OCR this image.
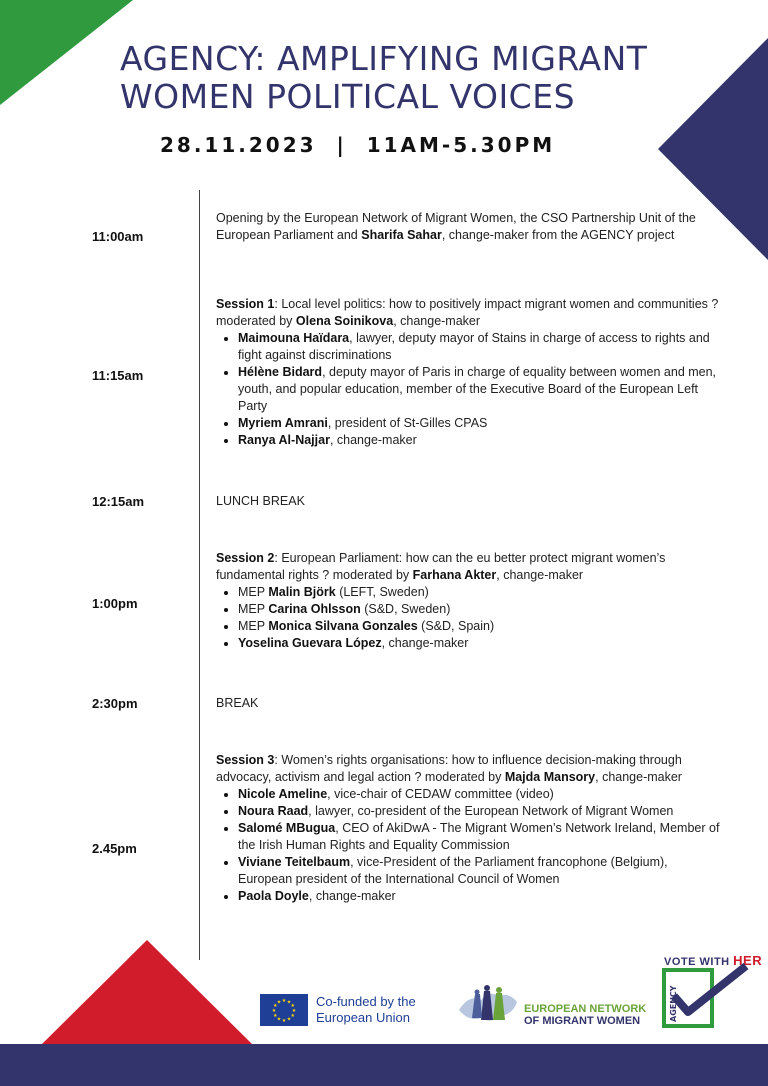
AGENCY: AMPLIFYING MIGRANT WOMEN POLITICAL VOICES
28.11.2023 | 11AM-5.30PM
11:00am
Opening by the European Network of Migrant Women, the CSO Partnership Unit of the European Parliament and Sharifa Sahar, change-maker from the AGENCY project
11:15am
Session 1: Local level politics: how to positively impact migrant women and communities ? moderated by Olena Soinikova, change-maker
Maimouna Haïdara, lawyer, deputy mayor of Stains in charge of access to rights and fight against discriminations
Hélène Bidard, deputy mayor of Paris in charge of equality between women and men, youth, and popular education, member of the Executive Board of the European Left Party
Myriem Amrani, president of St-Gilles CPAS
Ranya Al-Najjar, change-maker
12:15am	LUNCH BREAK
1:00pm
Session 2: European Parliament: how can the eu better protect migrant women’s fundamental rights ? moderated by Farhana Akter, change-maker
MEP Malin Björk (LEFT, Sweden)
MEP Carina Ohlsson (S&D, Sweden)
MEP Monica Silvana Gonzales (S&D, Spain)
Yoselina Guevara López, change-maker
2:30pm	BREAK
2.45pm
Session 3: Women’s rights organisations: how to influence decision-making through advocacy, activism and legal action ? moderated by Majda Mansory, change-maker
Nicole Ameline, vice-chair of CEDAW committee (video)
Noura Raad, lawyer, co-president of the European Network of Migrant Women
Salomé MBugua, CEO of AkiDwA - The Migrant Women’s Network Ireland, Member of the Irish Human Rights and Equality Commission
Viviane Teitelbaum, vice-President of the Parliament francophone (Belgium), European president of the International Council of Women
Paola Doyle, change-maker
★ ★
★
★
★
★
★
★
★
★
★
★	Co-funded by the
European Union
EUROPEAN NETWORK
OF MIGRANT WOMEN
VOTE WITH HER
AGENCY
